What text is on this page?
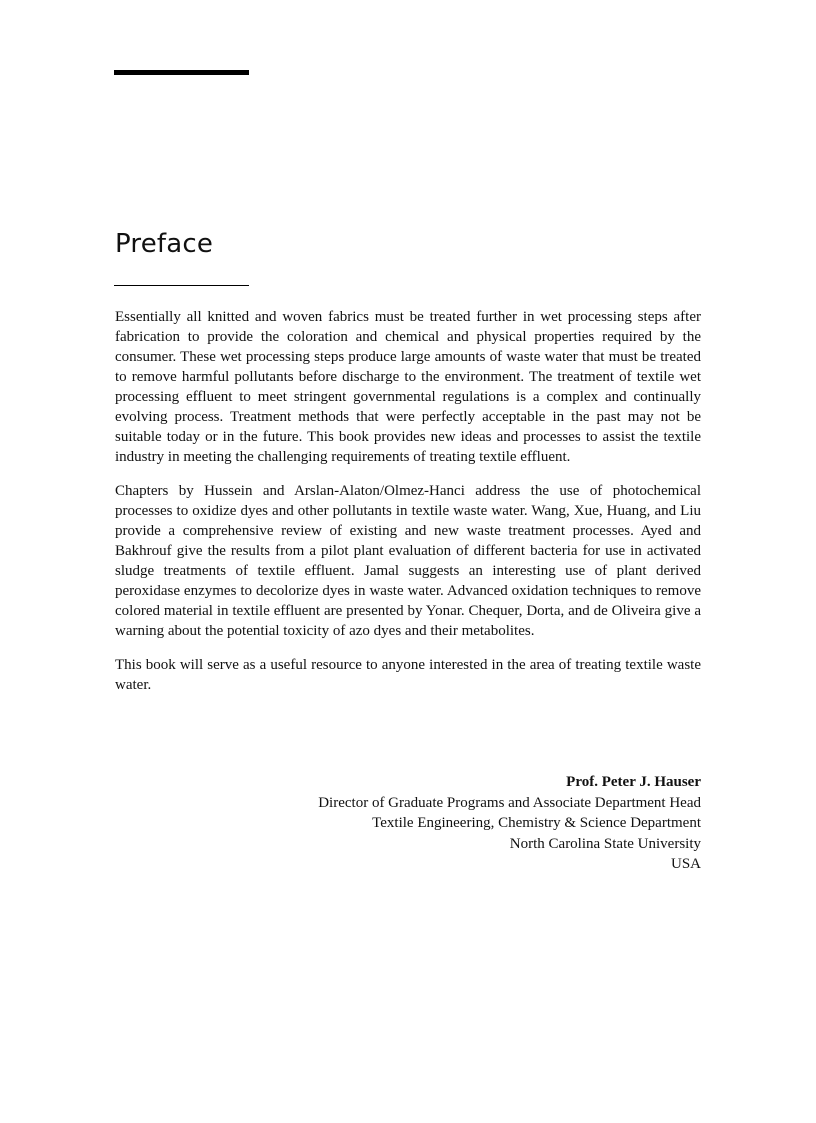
Preface

Essentially all knitted and woven fabrics must be treated further in wet processing steps after fabrication to provide the coloration and chemical and physical properties required by the consumer. These wet processing steps produce large amounts of waste water that must be treated to remove harmful pollutants before discharge to the environment. The treatment of textile wet processing effluent to meet stringent governmental regulations is a complex and continually evolving process. Treatment methods that were perfectly acceptable in the past may not be suitable today or in the future. This book provides new ideas and processes to assist the textile industry in meeting the challenging requirements of treating textile effluent.

Chapters by Hussein and Arslan-Alaton/Olmez-Hanci address the use of photochemical processes to oxidize dyes and other pollutants in textile waste water. Wang, Xue, Huang, and Liu provide a comprehensive review of existing and new waste treatment processes. Ayed and Bakhrouf give the results from a pilot plant evaluation of different bacteria for use in activated sludge treatments of textile effluent. Jamal suggests an interesting use of plant derived peroxidase enzymes to decolorize dyes in waste water. Advanced oxidation techniques to remove colored material in textile effluent are presented by Yonar. Chequer, Dorta, and de Oliveira give a warning about the potential toxicity of azo dyes and their metabolites.

This book will serve as a useful resource to anyone interested in the area of treating textile waste water.

Prof. Peter J. Hauser
Director of Graduate Programs and Associate Department Head
Textile Engineering, Chemistry & Science Department
North Carolina State University
USA
